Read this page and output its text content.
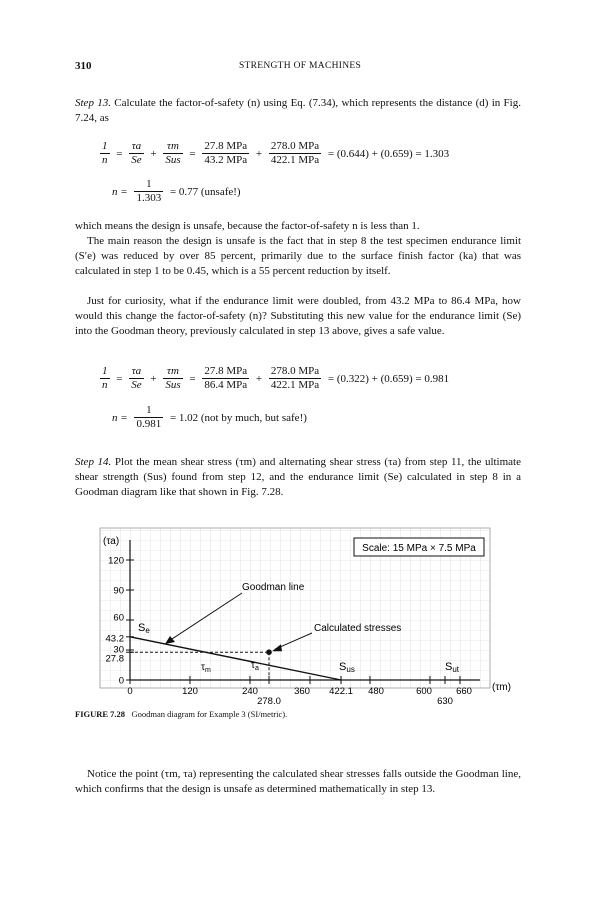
310	STRENGTH OF MACHINES
Step 13. Calculate the factor-of-safety (n) using Eq. (7.34), which represents the distance (d) in Fig. 7.24, as
$\frac{1}{n} = \frac{\tau a}{Se} + \frac{\tau m}{\text{Sus}} = \frac{\text{27.8 MPa}}{\text{43.2 MPa}} + \frac{\text{278.0 MPa}}{\text{422.1 MPa}} = (0.644) + (0.659) = 1.303$
$n = \frac{1}{1.303} = 0.77$ (unsafe!)
which means the design is unsafe, because the factor-of-safety n is less than 1.
The main reason the design is unsafe is the fact that in step 8 the test specimen endurance limit (S′e) was reduced by over 85 percent, primarily due to the surface finish factor (ka) that was calculated in step 1 to be 0.45, which is a 55 percent reduction by itself.
Just for curiosity, what if the endurance limit were doubled, from 43.2 MPa to 86.4 MPa, how would this change the factor-of-safety (n)? Substituting this new value for the endurance limit (Se) into the Goodman theory, previously calculated in step 13 above, gives a safe value.
$\frac{1}{n} = \frac{\tau a}{Se} + \frac{\tau m}{\text{Sus}} = \frac{\text{27.8 MPa}}{\text{86.4 MPa}} + \frac{\text{278.0 MPa}}{\text{422.1 MPa}} = (0.322) + (0.659) = 0.981$
$n = \frac{1}{0.981} = 1.02$ (not by much, but safe!)
Step 14. Plot the mean shear stress (τm) and alternating shear stress (τa) from step 11, the ultimate shear strength (Sus) found from step 12, and the endurance limit (Se) calculated in step 8 in a Goodman diagram like that shown in Fig. 7.28.
0	120	240
278.0
360 422.1 480	600
630
660
0
27.8
30
43.2
60
90
120
(τa)
(τm)
Scale: 15 MPa × 7.5 MPa
Goodman line
Calculated stresses
Se
Sus	Sut
$\tau_m$	$\tau_a$
FIGURE 7.28 Goodman diagram for Example 3 (SI/metric).
Notice the point (τm, τa) representing the calculated shear stresses falls outside the Goodman line, which confirms that the design is unsafe as determined mathematically in step 13.
